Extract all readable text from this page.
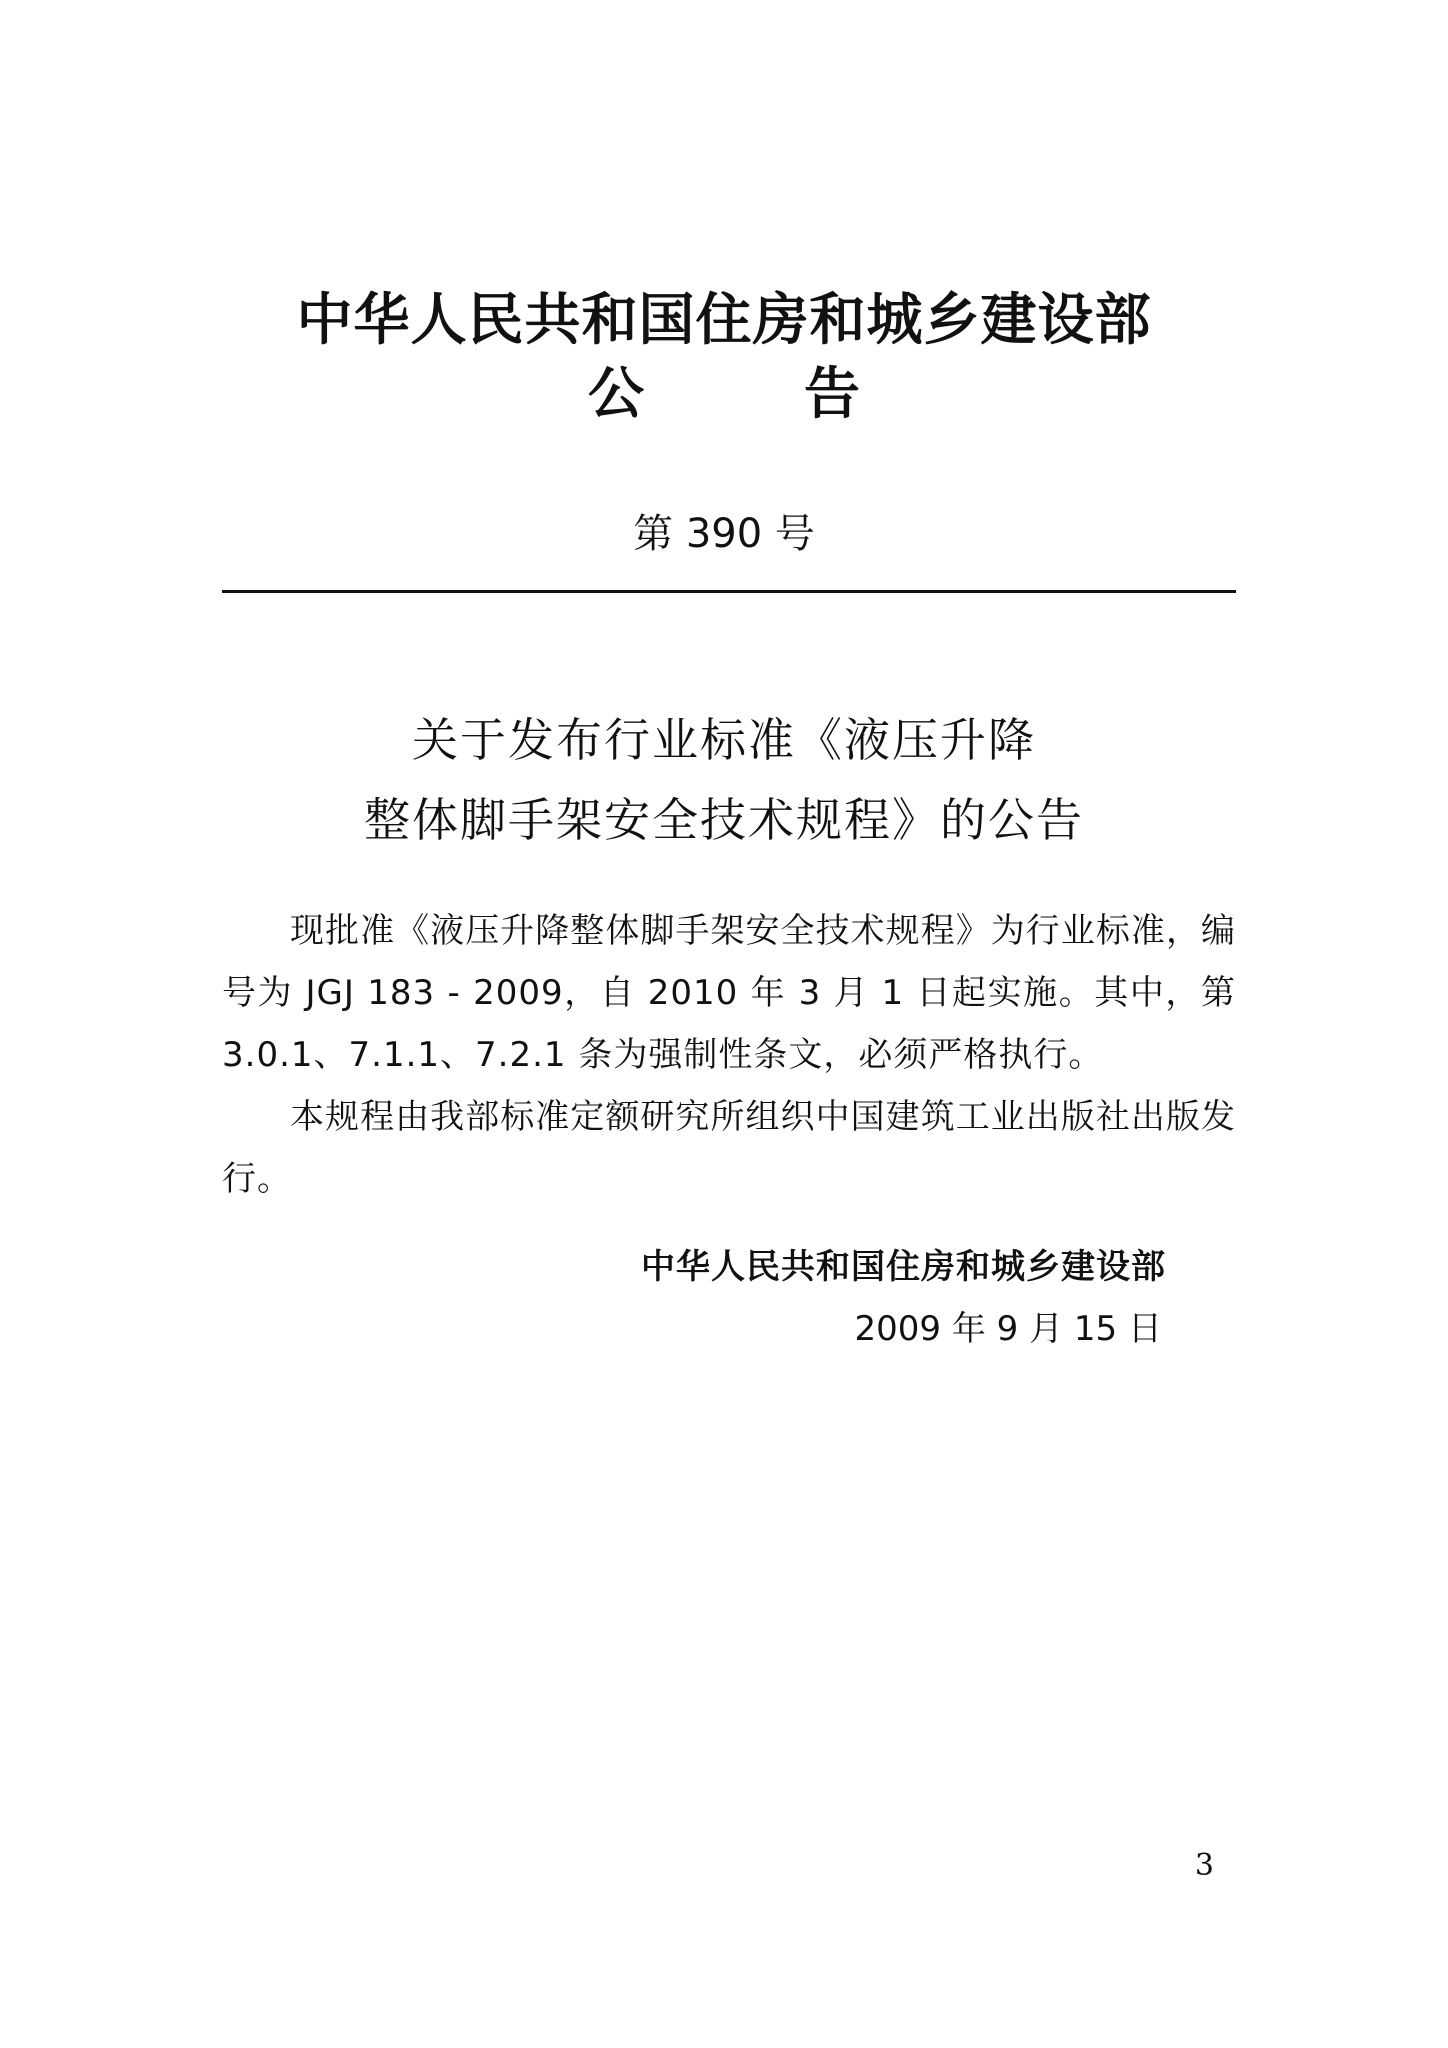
中华人民共和国住房和城乡建设部
公告
第 390 号
关于发布行业标准《液压升降
整体脚手架安全技术规程》的公告

现批准《液压升降整体脚手架安全技术规程》为行业标准，编号为 JGJ 183 - 2009，自 2010 年 3 月 1 日起实施。其中，第 3.0.1、7.1.1、7.2.1 条为强制性条文，必须严格执行。

本规程由我部标准定额研究所组织中国建筑工业出版社出版发行。

中华人民共和国住房和城乡建设部
2009 年 9 月 15 日
3
